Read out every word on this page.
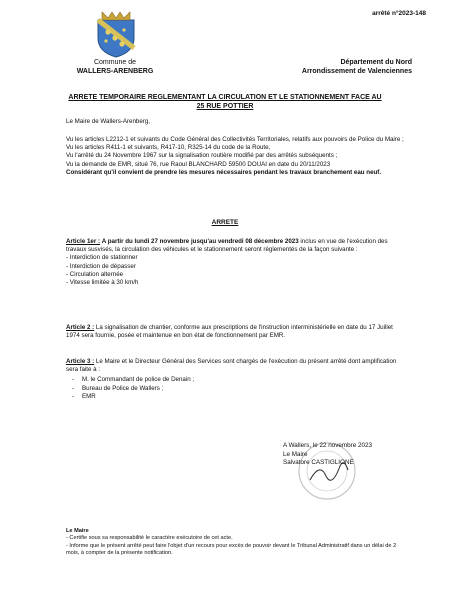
arrêté n°2023-148
Commune de
WALLERS-ARENBERG
Département du Nord
Arrondissement de Valenciennes
ARRETE TEMPORAIRE REGLEMENTANT LA CIRCULATION ET LE STATIONNEMENT FACE AU
25 RUE POTTIER
Le Maire de Wallers-Arenberg,
Vu les articles L2212-1 et suivants du Code Général des Collectivités Territoriales, relatifs aux pouvoirs de Police du Maire ;
Vu les articles R411-1 et suivants, R417-10, R325-14 du code de la Route,
Vu l'arrêté du 24 Novembre 1967 sur la signalisation routière modifié par des arrêtés subséquents ;
Vu la demande de EMR, situé 76, rue Raoul BLANCHARD 59500 DOUAI en date du 20/11/2023
Considérant qu'il convient de prendre les mesures nécessaires pendant les travaux branchement eau neuf.
ARRETE
Article 1er : A partir du lundi 27 novembre jusqu'au vendredi 08 décembre 2023 inclus en vue de l'exécution des travaux susvisés, la circulation des véhicules et le stationnement seront réglementés de la façon suivante :
- Interdiction de stationner
- Interdiction de dépasser
- Circulation alternée
- Vitesse limitée à 30 km/h
Article 2 : La signalisation de chantier, conforme aux prescriptions de l'instruction interministérielle en date du 17 Juillet 1974 sera fournie, posée et maintenue en bon état de fonctionnement par EMR.
Article 3 : Le Maire et le Directeur Général des Services sont chargés de l'exécution du présent arrêté dont amplification sera faite à :
- M. le Commandant de police de Denain ;
- Bureau de Police de Wallers ;
- EMR
A Wallers, le 22 novembre 2023
Le Maire
Salvatore CASTIGLIONE
Le Maire
- Certifie sous sa responsabilité le caractère exécutoire de cet acte.
- Informe que le présent arrêté peut faire l'objet d'un recours pour excès de pouvoir devant le Tribunal Administratif dans un délai de 2 mois, à compter de la présente notification.
